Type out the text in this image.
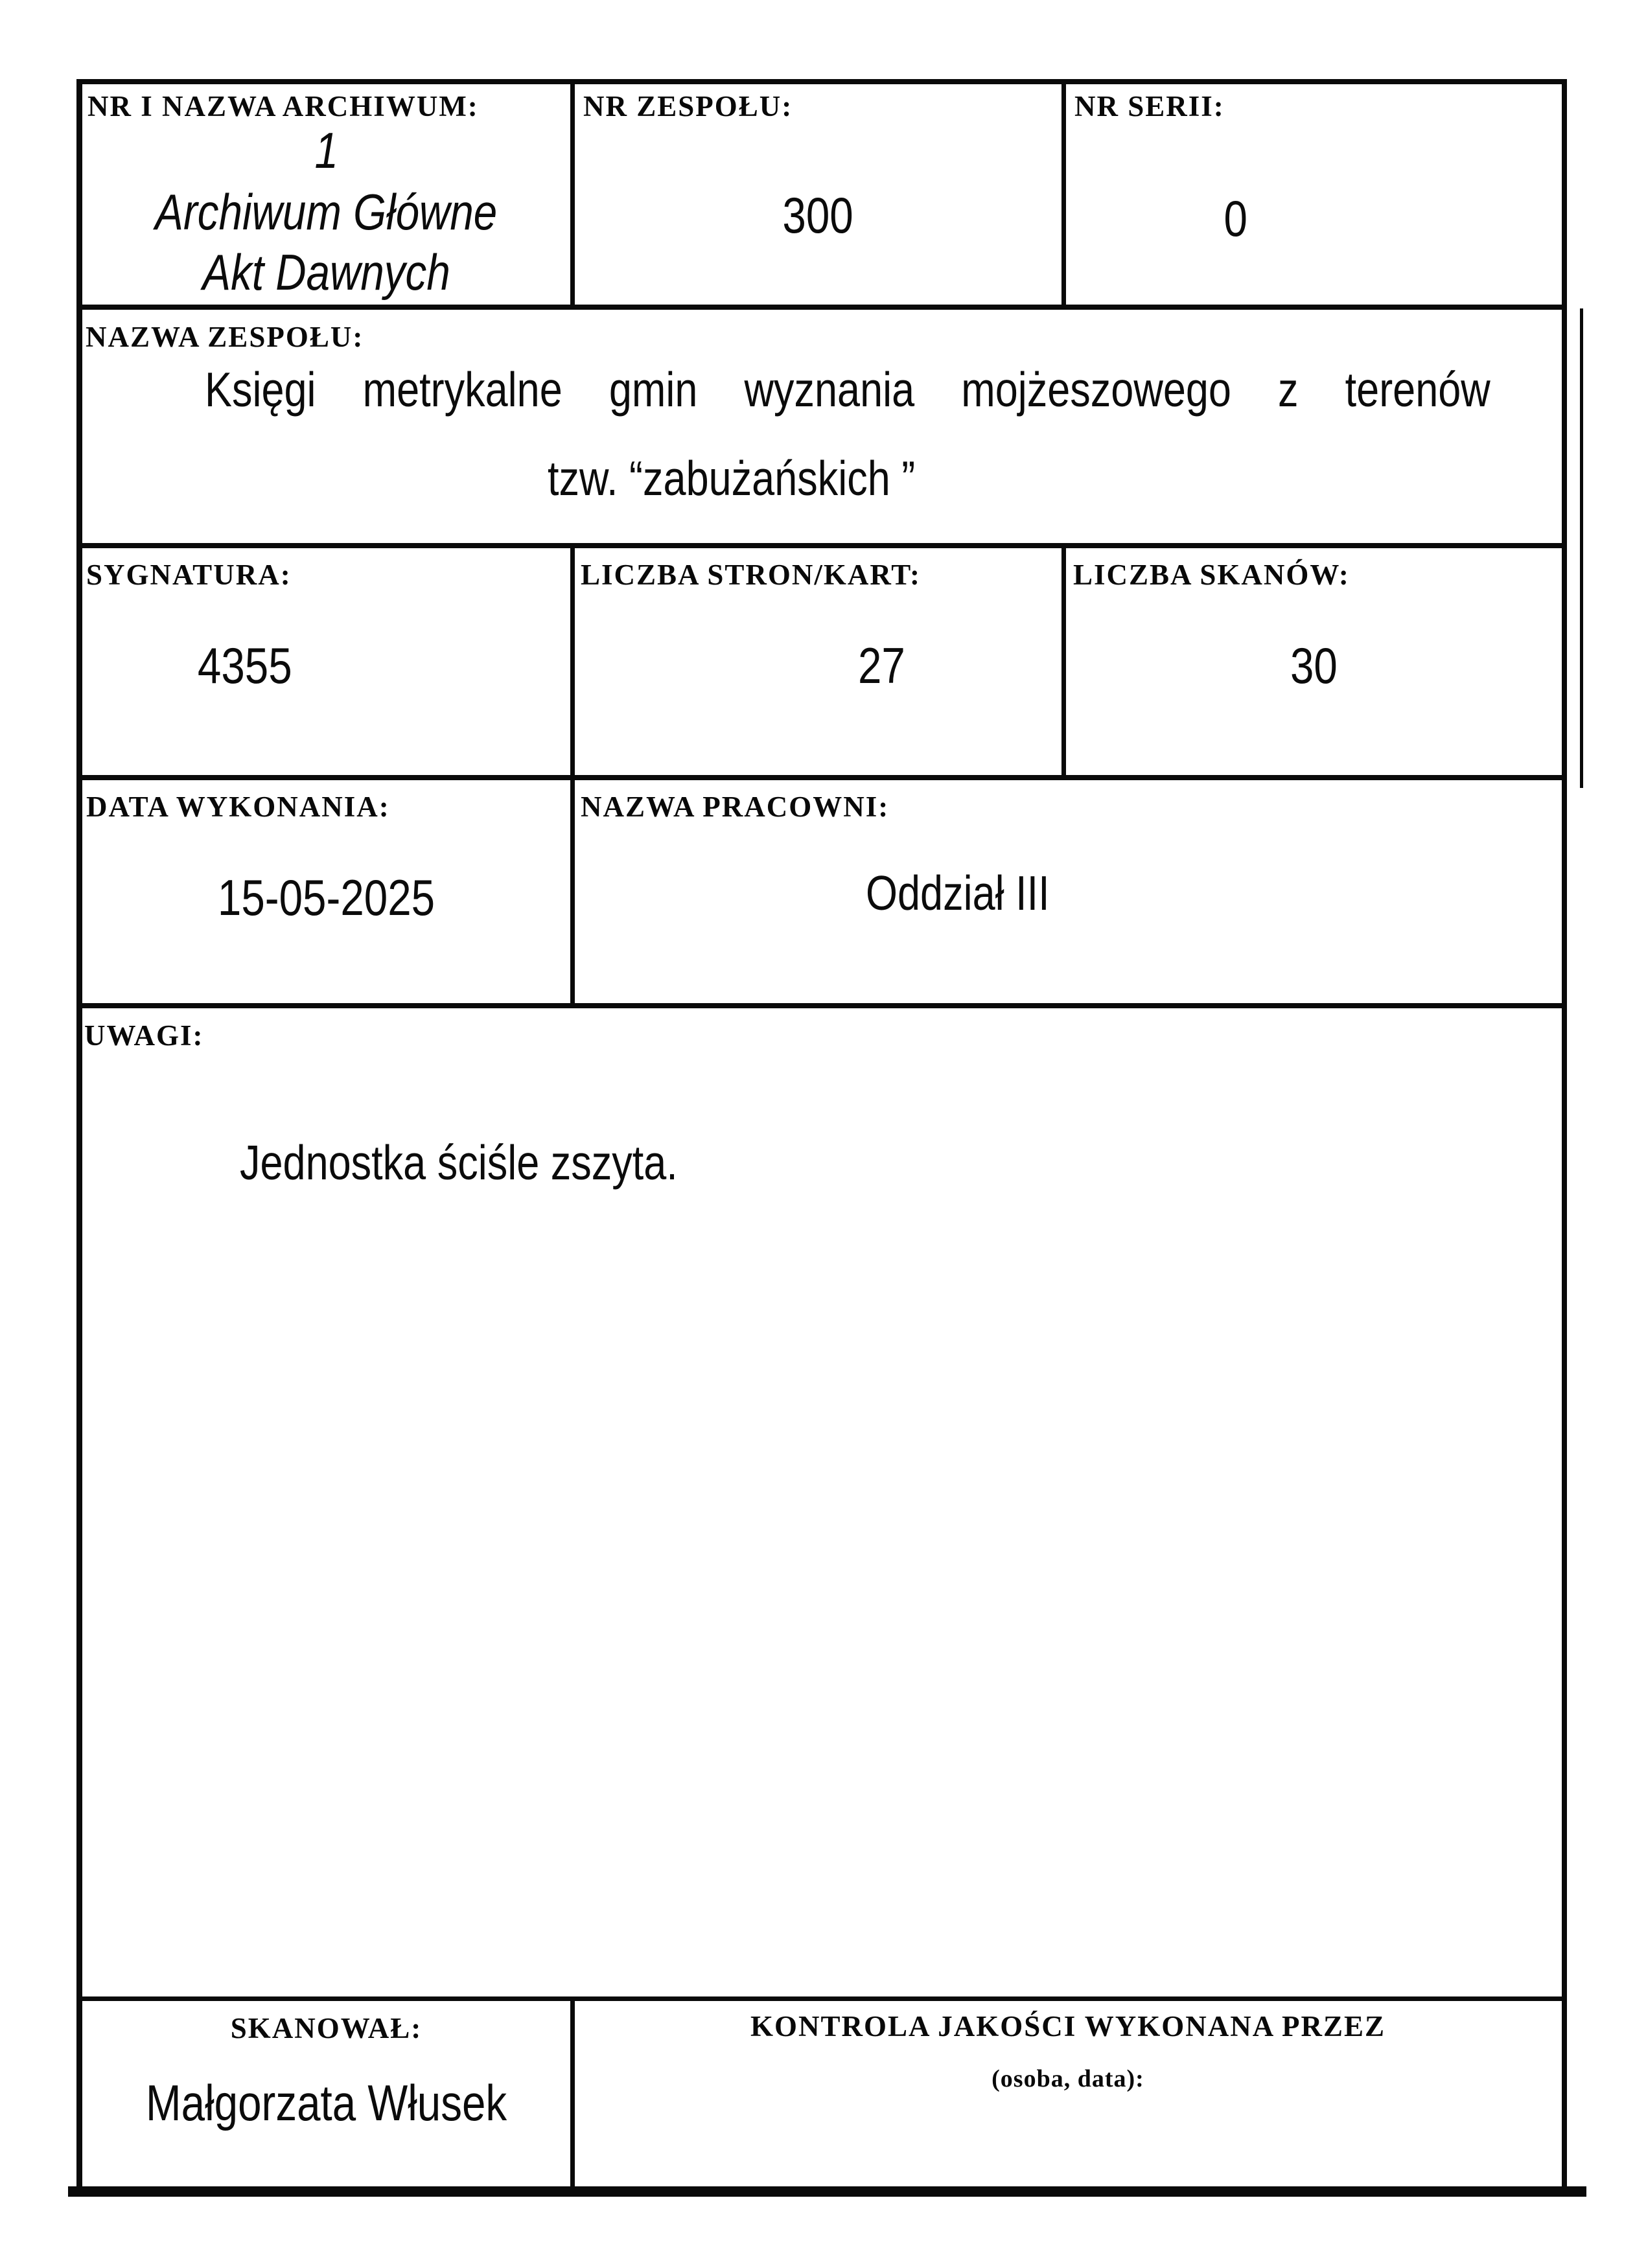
NR I NAZWA ARCHIWUM:
1
Archiwum Główne
Akt Dawnych
NR ZESPOŁU:
300
NR SERII:
0
NAZWA ZESPOŁU:
Księgi metrykalne gmin wyznania mojżeszowego z terenów
tzw. “zabużańskich ”
SYGNATURA:
4355
LICZBA STRON/KART:
27
LICZBA SKANÓW:
30
DATA WYKONANIA:
15-05-2025
NAZWA PRACOWNI:
Oddział III
UWAGI:
Jednostka ściśle zszyta.
SKANOWAŁ:
Małgorzata Włusek
KONTROLA JAKOŚCI WYKONANA PRZEZ
(osoba, data):
